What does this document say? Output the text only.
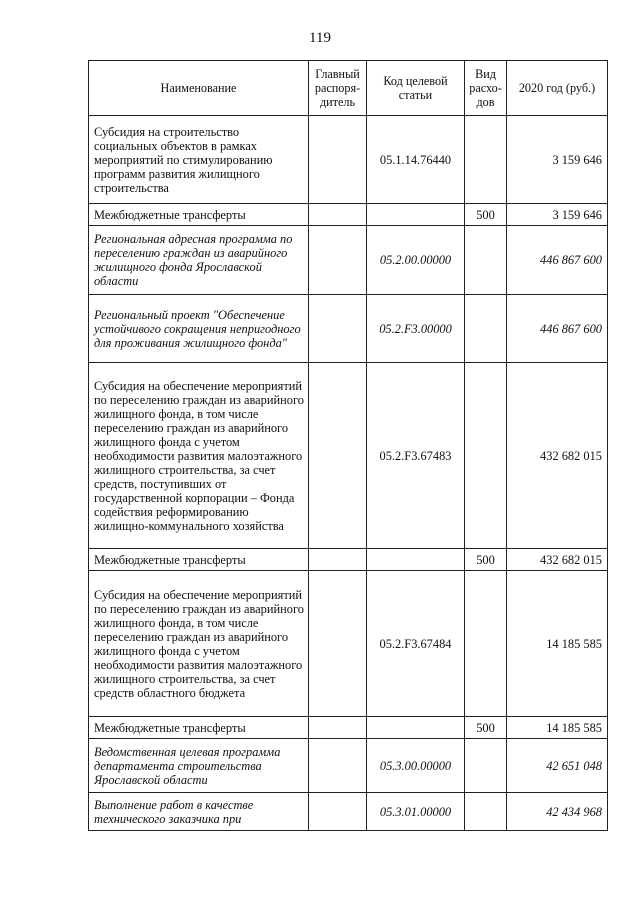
119
Наименование	Главный распоря-дитель	Код целевой статьи	Вид расхо-дов	2020 год (руб.)
Субсидия на строительство социальных объектов в рамках мероприятий по стимулированию программ развития жилищного строительства		05.1.14.76440		3 159 646
Межбюджетные трансферты			500	3 159 646
Региональная адресная программа по переселению граждан из аварийного жилищного фонда Ярославской области		05.2.00.00000		446 867 600
Региональный проект "Обеспечение устойчивого сокращения непригодного для проживания жилищного фонда"		05.2.F3.00000		446 867 600
Субсидия на обеспечение мероприятий по переселению граждан из аварийного жилищного фонда, в том числе переселению граждан из аварийного жилищного фонда с учетом необходимости развития малоэтажного жилищного строительства, за счет средств, поступивших от государственной корпорации – Фонда содействия реформированию жилищно-коммунального хозяйства		05.2.F3.67483		432 682 015
Межбюджетные трансферты			500	432 682 015
Субсидия на обеспечение мероприятий по переселению граждан из аварийного жилищного фонда, в том числе переселению граждан из аварийного жилищного фонда с учетом необходимости развития малоэтажного жилищного строительства, за счет средств областного бюджета		05.2.F3.67484		14 185 585
Межбюджетные трансферты			500	14 185 585
Ведомственная целевая программа департамента строительства Ярославской области		05.3.00.00000		42 651 048
Выполнение работ в качестве технического заказчика при		05.3.01.00000		42 434 968
